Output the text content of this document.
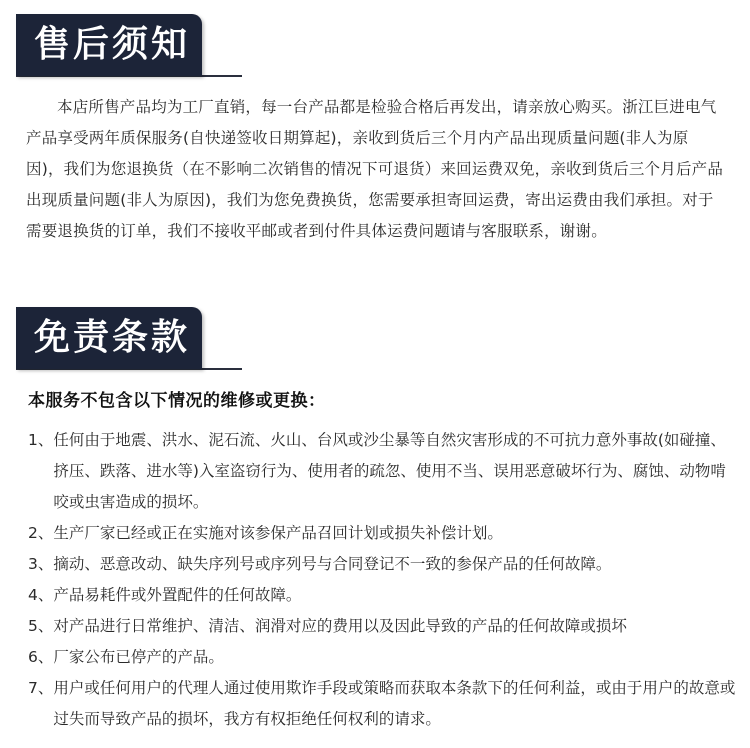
售后须知

本店所售产品均为工厂直销，每一台产品都是检验合格后再发出，请亲放心购买。浙江巨进电气产品享受两年质保服务(自快递签收日期算起)，亲收到货后三个月内产品出现质量问题(非人为原因)，我们为您退换货（在不影响二次销售的情况下可退货）来回运费双免，亲收到货后三个月后产品出现质量问题(非人为原因)，我们为您免费换货，您需要承担寄回运费，寄出运费由我们承担。对于需要退换货的订单，我们不接收平邮或者到付件具体运费问题请与客服联系，谢谢。

免责条款
本服务不包含以下情况的维修或更换：
1、 任何由于地震、洪水、泥石流、火山、台风或沙尘暴等自然灾害形成的不可抗力意外事故(如碰撞、挤压、跌落、进水等)入室盗窃行为、使用者的疏忽、使用不当、误用恶意破坏行为、腐蚀、动物啃咬或虫害造成的损坏。
2、 生产厂家已经或正在实施对该参保产品召回计划或损失补偿计划。
3、 摘动、恶意改动、缺失序列号或序列号与合同登记不一致的参保产品的任何故障。
4、 产品易耗件或外置配件的任何故障。
5、 对产品进行日常维护、清洁、润滑对应的费用以及因此导致的产品的任何故障或损坏
6、 厂家公布已停产的产品。
7、 用户或任何用户的代理人通过使用欺诈手段或策略而获取本条款下的任何利益，或由于用户的故意或过失而导致产品的损坏，我方有权拒绝任何权利的请求。
